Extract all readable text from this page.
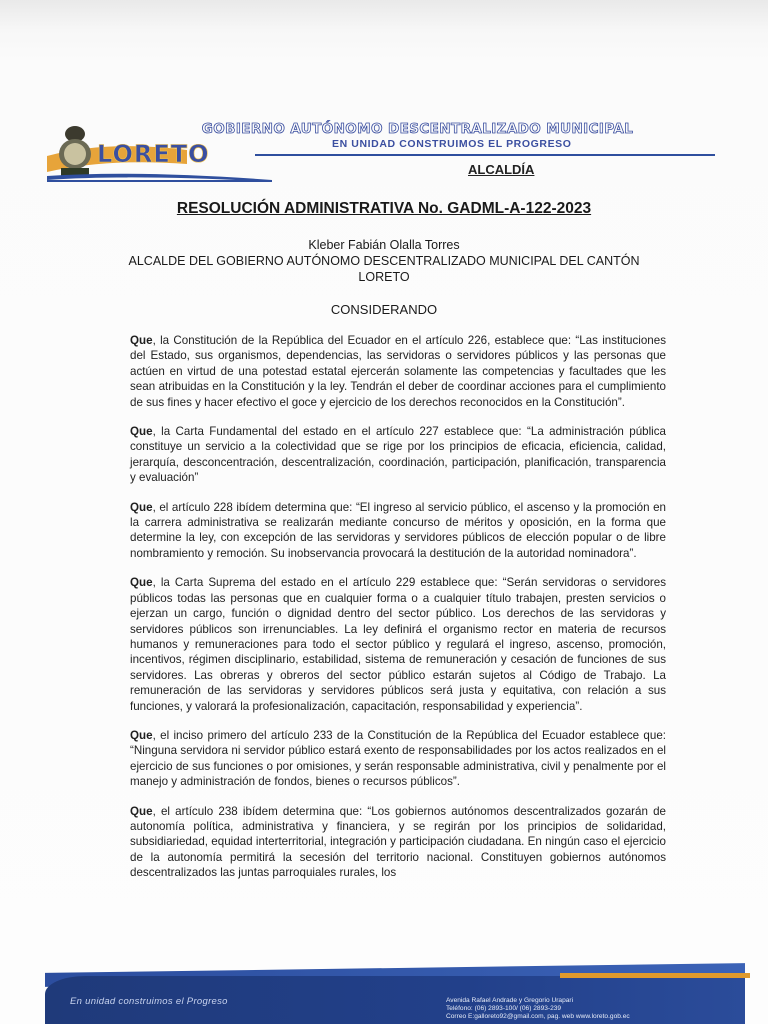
LORETO
GOBIERNO AUTÓNOMO DESCENTRALIZADO MUNICIPAL
EN UNIDAD CONSTRUIMOS EL PROGRESO
ALCALDÍA
RESOLUCIÓN ADMINISTRATIVA No. GADML-A-122-2023
Kleber Fabián Olalla Torres
ALCALDE DEL GOBIERNO AUTÓNOMO DESCENTRALIZADO MUNICIPAL DEL CANTÓN
LORETO
CONSIDERANDO

Que, la Constitución de la República del Ecuador en el artículo 226, establece que: “Las instituciones del Estado, sus organismos, dependencias, las servidoras o servidores públicos y las personas que actúen en virtud de una potestad estatal ejercerán solamente las competencias y facultades que les sean atribuidas en la Constitución y la ley. Tendrán el deber de coordinar acciones para el cumplimiento de sus fines y hacer efectivo el goce y ejercicio de los derechos reconocidos en la Constitución”.

Que, la Carta Fundamental del estado en el artículo 227 establece que: “La administración pública constituye un servicio a la colectividad que se rige por los principios de eficacia, eficiencia, calidad, jerarquía, desconcentración, descentralización, coordinación, participación, planificación, transparencia y evaluación”

Que, el artículo 228 ibídem determina que: “El ingreso al servicio público, el ascenso y la promoción en la carrera administrativa se realizarán mediante concurso de méritos y oposición, en la forma que determine la ley, con excepción de las servidoras y servidores públicos de elección popular o de libre nombramiento y remoción. Su inobservancia provocará la destitución de la autoridad nominadora”.

Que, la Carta Suprema del estado en el artículo 229 establece que: “Serán servidoras o servidores públicos todas las personas que en cualquier forma o a cualquier título trabajen, presten servicios o ejerzan un cargo, función o dignidad dentro del sector público. Los derechos de las servidoras y servidores públicos son irrenunciables. La ley definirá el organismo rector en materia de recursos humanos y remuneraciones para todo el sector público y regulará el ingreso, ascenso, promoción, incentivos, régimen disciplinario, estabilidad, sistema de remuneración y cesación de funciones de sus servidores. Las obreras y obreros del sector público estarán sujetos al Código de Trabajo. La remuneración de las servidoras y servidores públicos será justa y equitativa, con relación a sus funciones, y valorará la profesionalización, capacitación, responsabilidad y experiencia”.

Que, el inciso primero del artículo 233 de la Constitución de la República del Ecuador establece que: “Ninguna servidora ni servidor público estará exento de responsabilidades por los actos realizados en el ejercicio de sus funciones o por omisiones, y serán responsable administrativa, civil y penalmente por el manejo y administración de fondos, bienes o recursos públicos”.

Que, el artículo 238 ibídem determina que: “Los gobiernos autónomos descentralizados gozarán de autonomía política, administrativa y financiera, y se regirán por los principios de solidaridad, subsidiariedad, equidad interterritorial, integración y participación ciudadana. En ningún caso el ejercicio de la autonomía permitirá la secesión del territorio nacional. Constituyen gobiernos autónomos descentralizados las juntas parroquiales rurales, los

En unidad construimos el Progreso	Avenida Rafael Andrade y Gregorio Urapari
Teléfono: (06) 2893-100/ (06) 2893-239
Correo E:galloreto92@gmail.com, pag. web www.loreto.gob.ec
